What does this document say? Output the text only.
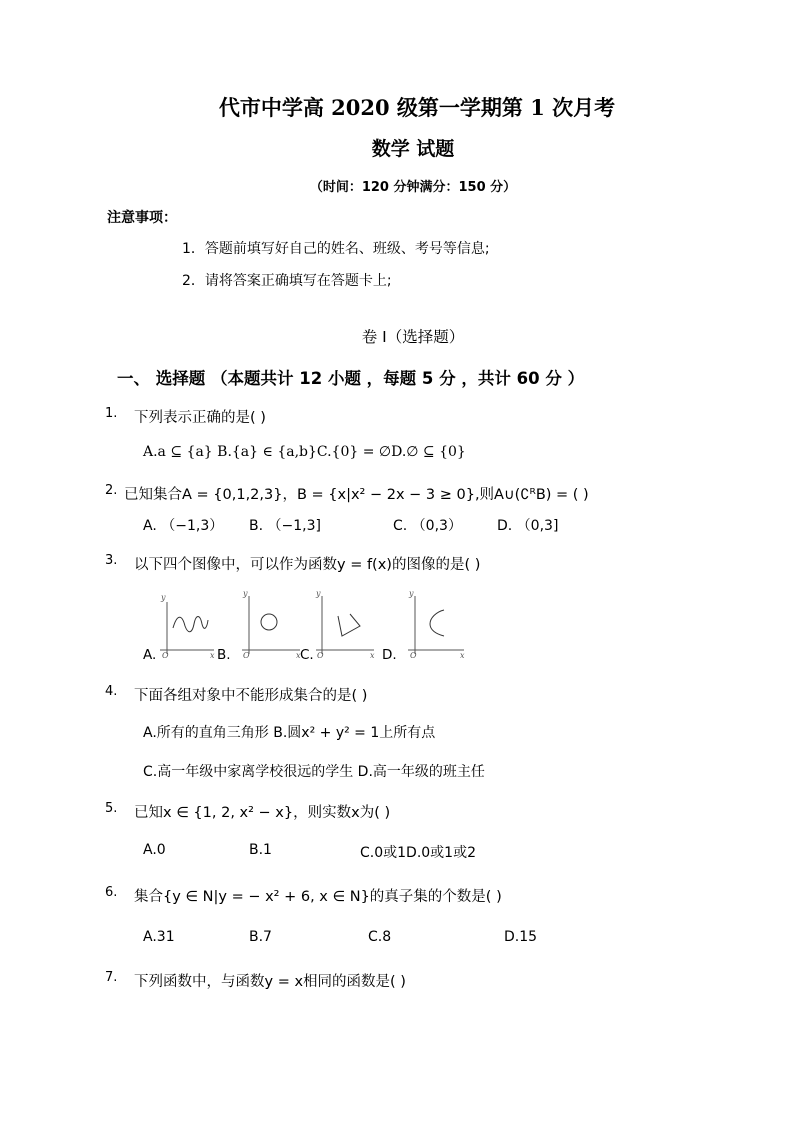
代市中学高 2020 级第一学期第 1 次月考
数学 试题
（时间：120 分钟满分：150 分）
注意事项：
1．答题前填写好自己的姓名、班级、考号等信息;
2．请将答案正确填写在答题卡上;
卷 I（选择题）
一、 选择题 （本题共计 12 小题 ，每题 5 分 ，共计 60 分 ）
1. 下列表示正确的是( )
A.a ⊆ {a} B.{a} ∈ {a,b}C.{0} = ∅D.∅ ⊆ {0}
2. 已知集合A = {0,1,2,3}，B = {x|x² − 2x − 3 ≥ 0},则A∪(∁ᴿB) = ( )
A. （−1,3） B. （−1,3]	C. （0,3）	D. （0,3]
3. 以下四个图像中，可以作为函数y = f(x)的图像的是( )
y
O	x
y
O	x
y
O	x
y
O	x
A.	B.	C.	D.
4. 下面各组对象中不能形成集合的是( )
A.所有的直角三角形 B.圆x² + y² = 1上所有点
C.高一年级中家离学校很远的学生 D.高一年级的班主任
5. 已知x ∈ {1, 2, x² − x}，则实数x为( )
A.0	B.1	C.0或1D.0或1或2
6. 集合{y ∈ N|y = − x² + 6, x ∈ N}的真子集的个数是( )
A.31	B.7	C.8	D.15
7. 下列函数中，与函数y = x相同的函数是( )
